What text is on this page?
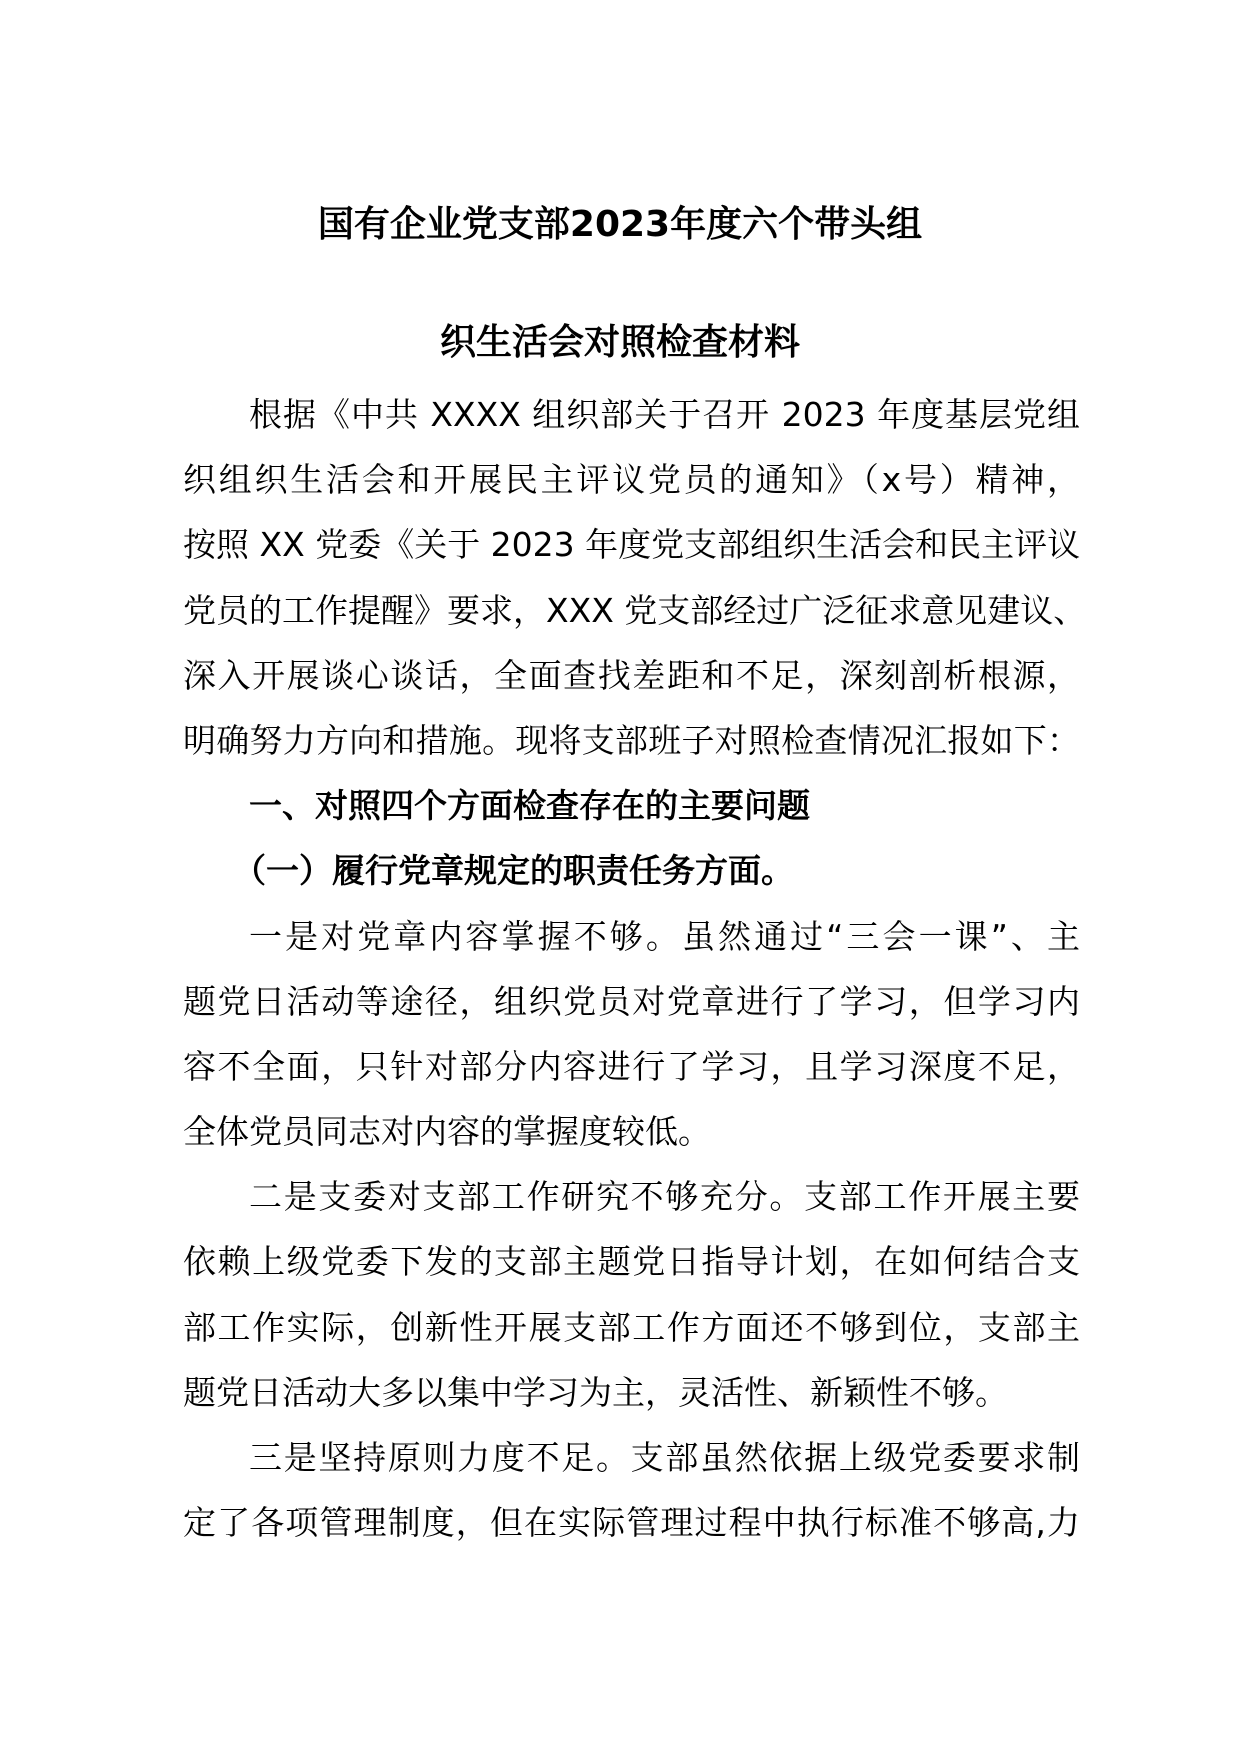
国有企业党支部2023年度六个带头组
织生活会对照检查材料
根据《中共 XXXX 组织部关于召开 2023 年度基层党组
织组织生活会和开展民主评议党员的通知》（x号）精神，
按照 XX 党委《关于 2023 年度党支部组织生活会和民主评议
党员的工作提醒》要求，XXX 党支部经过广泛征求意见建议、
深入开展谈心谈话，全面查找差距和不足，深刻剖析根源，
明确努力方向和措施。现将支部班子对照检查情况汇报如下：
一、对照四个方面检查存在的主要问题
（一）履行党章规定的职责任务方面。
一是对党章内容掌握不够。虽然通过“三会一课”、主
题党日活动等途径，组织党员对党章进行了学习，但学习内
容不全面，只针对部分内容进行了学习，且学习深度不足，
全体党员同志对内容的掌握度较低。
二是支委对支部工作研究不够充分。支部工作开展主要
依赖上级党委下发的支部主题党日指导计划，在如何结合支
部工作实际，创新性开展支部工作方面还不够到位，支部主
题党日活动大多以集中学习为主，灵活性、新颖性不够。
三是坚持原则力度不足。支部虽然依据上级党委要求制
定了各项管理制度，但在实际管理过程中执行标准不够高,力
